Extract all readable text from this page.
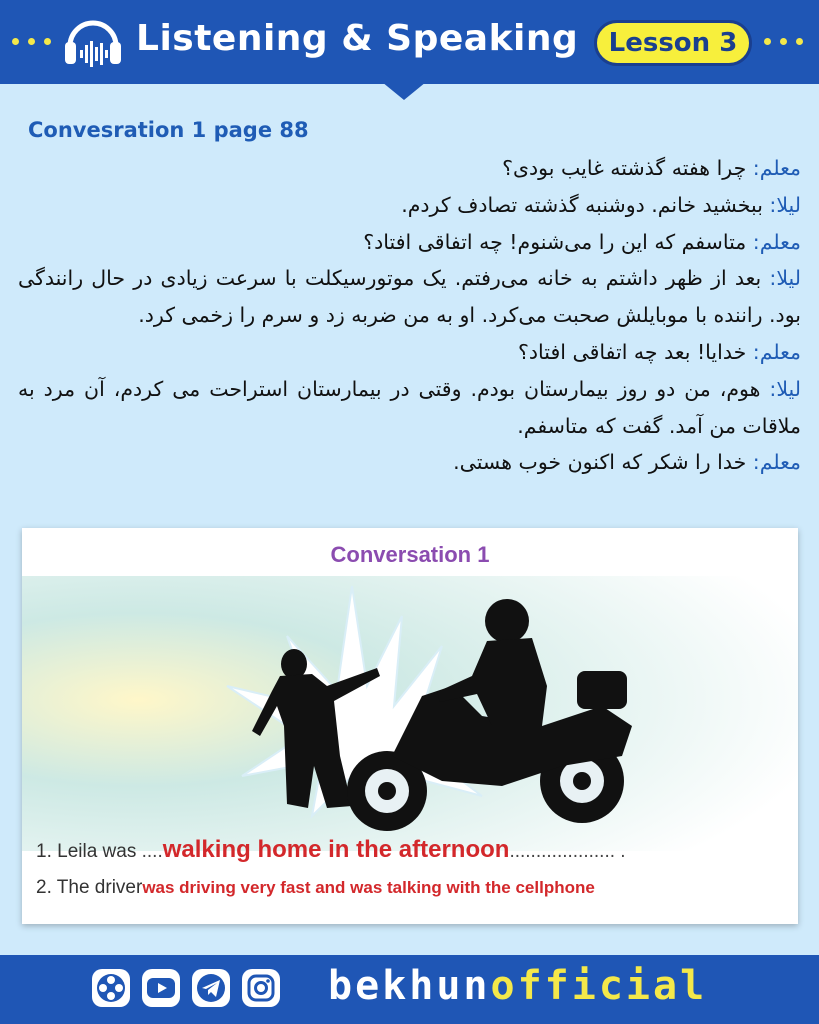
Listening & Speaking	Lesson 3
Convesration 1 page 88

معلم: چرا هفته گذشته غایب بودی؟

لیلا: ببخشید خانم. دوشنبه گذشته تصادف کردم.

معلم: متاسفم که این را می‌شنوم! چه اتفاقی افتاد؟

لیلا: بعد از ظهر داشتم به خانه می‌رفتم. یک موتورسیکلت با سرعت زیادی در حال رانندگی بود. راننده با موبایلش صحبت می‌کرد. او به من ضربه زد و سرم را زخمی کرد.

معلم: خدایا! بعد چه اتفاقی افتاد؟

لیلا: هوم، من دو روز بیمارستان بودم. وقتی در بیمارستان استراحت می کردم، آن مرد به ملاقات من آمد. گفت که متاسفم.

معلم: خدا را شکر که اکنون خوب هستی.

Conversation 1
1. Leila was ....walking home in the afternoon.................... .
2. The driverwas driving very fast and was talking with the cellphone
bekhunofficial
